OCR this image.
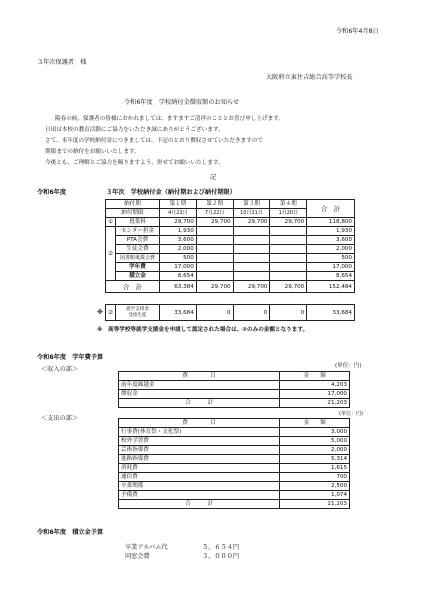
令和6年4月8日
３年次保護者　様
大阪府立東住吉総合高等学校長
令和6年度　学校納付金徴収額のお知らせ
陽春の候、保護者の皆様におかれましては、ますますご清祥のこととお喜び申し上げます。
日頃は本校の教育活動にご協力をいただき誠にありがとうございます。
さて、本年度の学校納付金につきましては、下記のとおり徴収させていただきますので
期限までの納付をお願いいたします。
今後とも、ご理解とご協力を賜りますよう、併せてお願いいたします。
記
令和6年度	３年次　学校納付金（納付期および納付期限）
納付期		第１期	第２期	第３期	第４期	合　計
納付期限		4月22日	7月22日	10月21日	1月20日	
①	授業料	29,700	29,700	29,700	29,700	118,800
②	センター担金	1,930				1,930
	PTA会費	3,600				3,600
	生徒会費	2,000				2,000
	図書館後援会費	500				500
	学年費	17,000				17,000
	積立金	8,654				8,654
合　計		63,384	29,700	29,700	29,700	152,484
※ ②	
就学支援金
受給生徒	33,684	0	0	0	33,684
※　高等学校等就学支援金を申請して認定された場合は、②のみの金額となります。
令和6年度　学年費予算
＜収入の部＞	(単位：円)
費　　　　目	金　　額
前年度繰越金	4,203
徴収金	17,000
合　　　計	21,203
＜支出の部＞
(単位：円)
費　　　　目	金　　額
行事費(体育祭・文化祭)	3,000
校外学習費	5,000
芸術指導費	2,000
進路指導費	5,314
消耗費	1,615
通信費	700
卒業関係	2,500
予備費	1,074
合　　　計	21,203
令和6年度　積立金予算
卒業アルバム代	５，６５４円
同窓会費	３，０００円
